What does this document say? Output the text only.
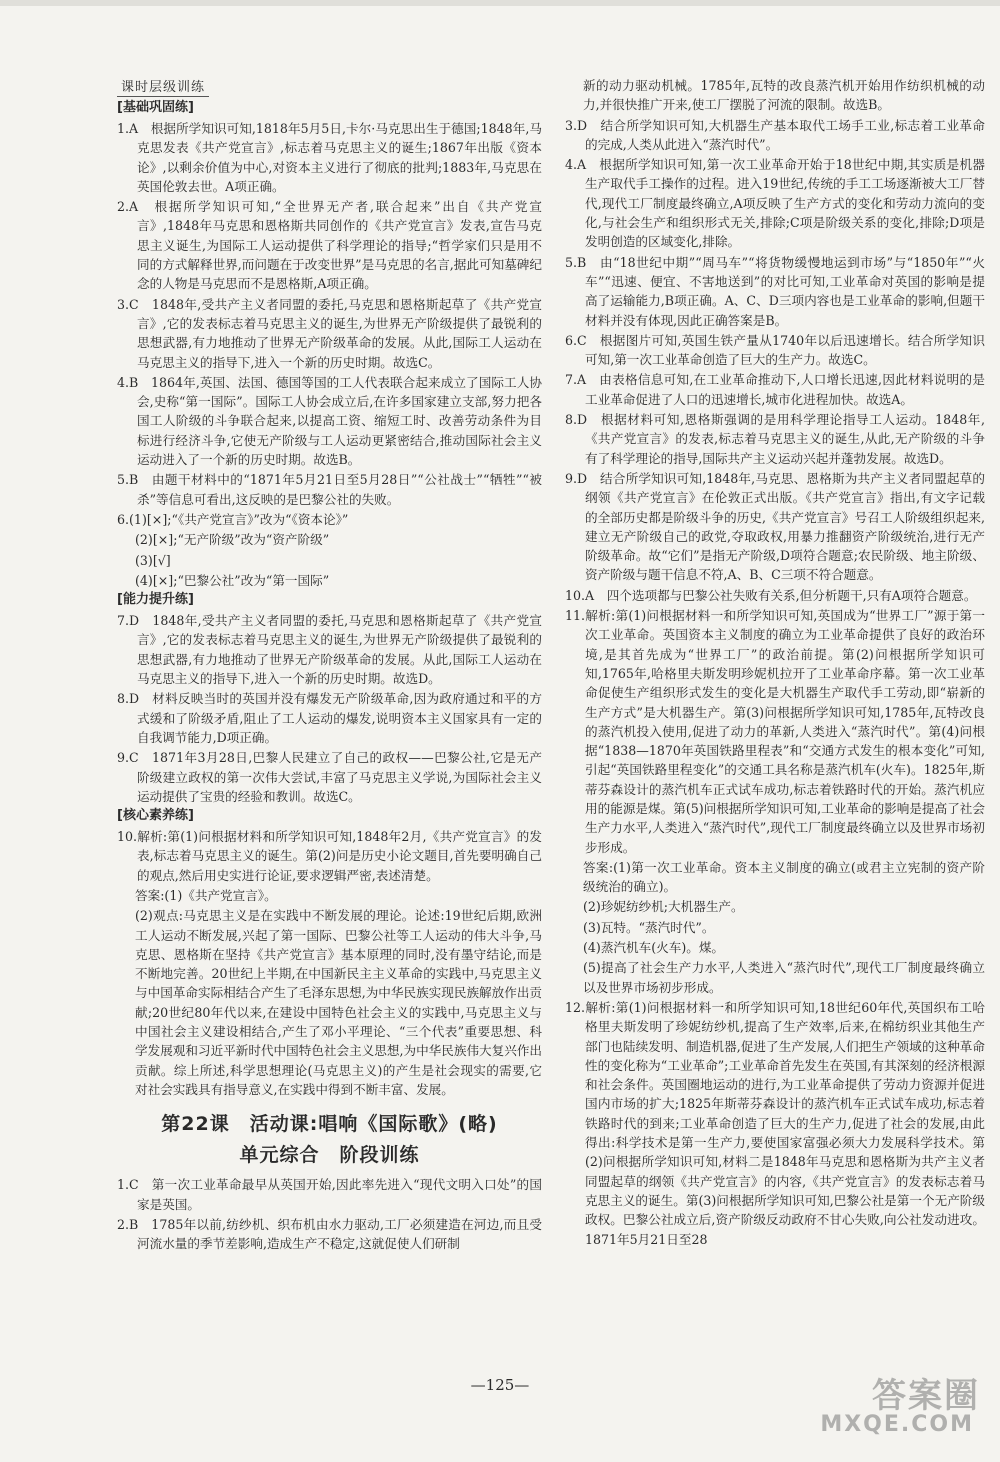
课时层级训练
[基础巩固练]

1.A　根据所学知识可知,1818年5月5日,卡尔·马克思出生于德国;1848年,马克思发表《共产党宣言》,标志着马克思主义的诞生;1867年出版《资本论》,以剩余价值为中心,对资本主义进行了彻底的批判;1883年,马克思在英国伦敦去世。A项正确。

2.A　根据所学知识可知,“全世界无产者,联合起来”出自《共产党宣言》,1848年马克思和恩格斯共同创作的《共产党宣言》发表,宣告马克思主义诞生,为国际工人运动提供了科学理论的指导;“哲学家们只是用不同的方式解释世界,而问题在于改变世界”是马克思的名言,据此可知墓碑纪念的人物是马克思而不是恩格斯,A项正确。

3.C　1848年,受共产主义者同盟的委托,马克思和恩格斯起草了《共产党宣言》,它的发表标志着马克思主义的诞生,为世界无产阶级提供了最锐利的思想武器,有力地推动了世界无产阶级革命的发展。从此,国际工人运动在马克思主义的指导下,进入一个新的历史时期。故选C。

4.B　1864年,英国、法国、德国等国的工人代表联合起来成立了国际工人协会,史称“第一国际”。国际工人协会成立后,在许多国家建立支部,努力把各国工人阶级的斗争联合起来,以提高工资、缩短工时、改善劳动条件为目标进行经济斗争,它使无产阶级与工人运动更紧密结合,推动国际社会主义运动进入了一个新的历史时期。故选B。

5.B　由题干材料中的“1871年5月21日至5月28日”“公社战士”“牺牲”“被杀”等信息可看出,这反映的是巴黎公社的失败。

6.(1)[×];“《共产党宣言》”改为“《资本论》”

(2)[×];“无产阶级”改为“资产阶级”

(3)[√]

(4)[×];“巴黎公社”改为“第一国际”

[能力提升练]

7.D　1848年,受共产主义者同盟的委托,马克思和恩格斯起草了《共产党宣言》,它的发表标志着马克思主义的诞生,为世界无产阶级提供了最锐利的思想武器,有力地推动了世界无产阶级革命的发展。从此,国际工人运动在马克思主义的指导下,进入一个新的历史时期。故选D。

8.D　材料反映当时的英国并没有爆发无产阶级革命,因为政府通过和平的方式缓和了阶级矛盾,阻止了工人运动的爆发,说明资本主义国家具有一定的自我调节能力,D项正确。

9.C　1871年3月28日,巴黎人民建立了自己的政权——巴黎公社,它是无产阶级建立政权的第一次伟大尝试,丰富了马克思主义学说,为国际社会主义运动提供了宝贵的经验和教训。故选C。

[核心素养练]

10.解析:第(1)问根据材料和所学知识可知,1848年2月,《共产党宣言》的发表,标志着马克思主义的诞生。第(2)问是历史小论文题目,首先要明确自己的观点,然后用史实进行论证,要求逻辑严密,表述清楚。

答案:(1)《共产党宣言》。

(2)观点:马克思主义是在实践中不断发展的理论。论述:19世纪后期,欧洲工人运动不断发展,兴起了第一国际、巴黎公社等工人运动的伟大斗争,马克思、恩格斯在坚持《共产党宣言》基本原理的同时,没有墨守结论,而是不断地完善。20世纪上半期,在中国新民主主义革命的实践中,马克思主义与中国革命实际相结合产生了毛泽东思想,为中华民族实现民族解放作出贡献;20世纪80年代以来,在建设中国特色社会主义的实践中,马克思主义与中国社会主义建设相结合,产生了邓小平理论、“三个代表”重要思想、科学发展观和习近平新时代中国特色社会主义思想,为中华民族伟大复兴作出贡献。综上所述,科学思想理论(马克思主义)的产生是社会现实的需要,它对社会实践具有指导意义,在实践中得到不断丰富、发展。

第22课　活动课:唱响《国际歌》(略)
单元综合　阶段训练

1.C　第一次工业革命最早从英国开始,因此率先进入“现代文明入口处”的国家是英国。

2.B　1785年以前,纺纱机、织布机由水力驱动,工厂必须建造在河边,而且受河流水量的季节差影响,造成生产不稳定,这就促使人们研制

新的动力驱动机械。1785年,瓦特的改良蒸汽机开始用作纺织机械的动力,并很快推广开来,使工厂摆脱了河流的限制。故选B。

3.D　结合所学知识可知,大机器生产基本取代工场手工业,标志着工业革命的完成,人类从此进入“蒸汽时代”。

4.A　根据所学知识可知,第一次工业革命开始于18世纪中期,其实质是机器生产取代手工操作的过程。进入19世纪,传统的手工工场逐渐被大工厂替代,现代工厂制度最终确立,A项反映了生产方式的变化和劳动力流向的变化,与社会生产和组织形式无关,排除;C项是阶级关系的变化,排除;D项是发明创造的区域变化,排除。

5.B　由“18世纪中期”“周马车”“将货物缓慢地运到市场”与“1850年”“火车”“迅速、便宜、不害地送到”的对比可知,工业革命对英国的影响是提高了运输能力,B项正确。A、C、D三项内容也是工业革命的影响,但题干材料并没有体现,因此正确答案是B。

6.C　根据图片可知,英国生铁产量从1740年以后迅速增长。结合所学知识可知,第一次工业革命创造了巨大的生产力。故选C。

7.A　由表格信息可知,在工业革命推动下,人口增长迅速,因此材料说明的是工业革命促进了人口的迅速增长,城市化进程加快。故选A。

8.D　根据材料可知,恩格斯强调的是用科学理论指导工人运动。1848年,《共产党宣言》的发表,标志着马克思主义的诞生,从此,无产阶级的斗争有了科学理论的指导,国际共产主义运动兴起并蓬勃发展。故选D。

9.D　结合所学知识可知,1848年,马克思、恩格斯为共产主义者同盟起草的纲领《共产党宣言》在伦敦正式出版。《共产党宣言》指出,有文字记载的全部历史都是阶级斗争的历史,《共产党宣言》号召工人阶级组织起来,建立无产阶级自己的政党,夺取政权,用暴力推翻资产阶级统治,进行无产阶级革命。故“它们”是指无产阶级,D项符合题意;农民阶级、地主阶级、资产阶级与题干信息不符,A、B、C三项不符合题意。

10.A　四个选项都与巴黎公社失败有关系,但分析题干,只有A项符合题意。

11.解析:第(1)问根据材料一和所学知识可知,英国成为“世界工厂”源于第一次工业革命。英国资本主义制度的确立为工业革命提供了良好的政治环境,是其首先成为“世界工厂”的政治前提。第(2)问根据所学知识可知,1765年,哈格里夫斯发明珍妮机拉开了工业革命序幕。第一次工业革命促使生产组织形式发生的变化是大机器生产取代手工劳动,即“崭新的生产方式”是大机器生产。第(3)问根据所学知识可知,1785年,瓦特改良的蒸汽机投入使用,促进了动力的革新,人类进入“蒸汽时代”。第(4)问根据“1838—1870年英国铁路里程表”和“交通方式发生的根本变化”可知,引起“英国铁路里程变化”的交通工具名称是蒸汽机车(火车)。1825年,斯蒂芬森设计的蒸汽机车正式试车成功,标志着铁路时代的开始。蒸汽机应用的能源是煤。第(5)问根据所学知识可知,工业革命的影响是提高了社会生产力水平,人类进入“蒸汽时代”,现代工厂制度最终确立以及世界市场初步形成。

答案:(1)第一次工业革命。资本主义制度的确立(或君主立宪制的资产阶级统治的确立)。

(2)珍妮纺纱机;大机器生产。

(3)瓦特。“蒸汽时代”。

(4)蒸汽机车(火车)。煤。

(5)提高了社会生产力水平,人类进入“蒸汽时代”,现代工厂制度最终确立以及世界市场初步形成。

12.解析:第(1)问根据材料一和所学知识可知,18世纪60年代,英国织布工哈格里夫斯发明了珍妮纺纱机,提高了生产效率,后来,在棉纺织业其他生产部门也陆续发明、制造机器,促进了生产发展,人们把生产领域的这种革命性的变化称为“工业革命”;工业革命首先发生在英国,有其深刻的经济根源和社会条件。英国圈地运动的进行,为工业革命提供了劳动力资源并促进国内市场的扩大;1825年斯蒂芬森设计的蒸汽机车正式试车成功,标志着铁路时代的到来;工业革命创造了巨大的生产力,促进了社会的发展,由此得出:科学技术是第一生产力,要使国家富强必须大力发展科学技术。第(2)问根据所学知识可知,材料二是1848年马克思和恩格斯为共产主义者同盟起草的纲领《共产党宣言》的内容,《共产党宣言》的发表标志着马克思主义的诞生。第(3)问根据所学知识可知,巴黎公社是第一个无产阶级政权。巴黎公社成立后,资产阶级反动政府不甘心失败,向公社发动进攻。1871年5月21日至28

—125—	答案圈
MXQE.COM
